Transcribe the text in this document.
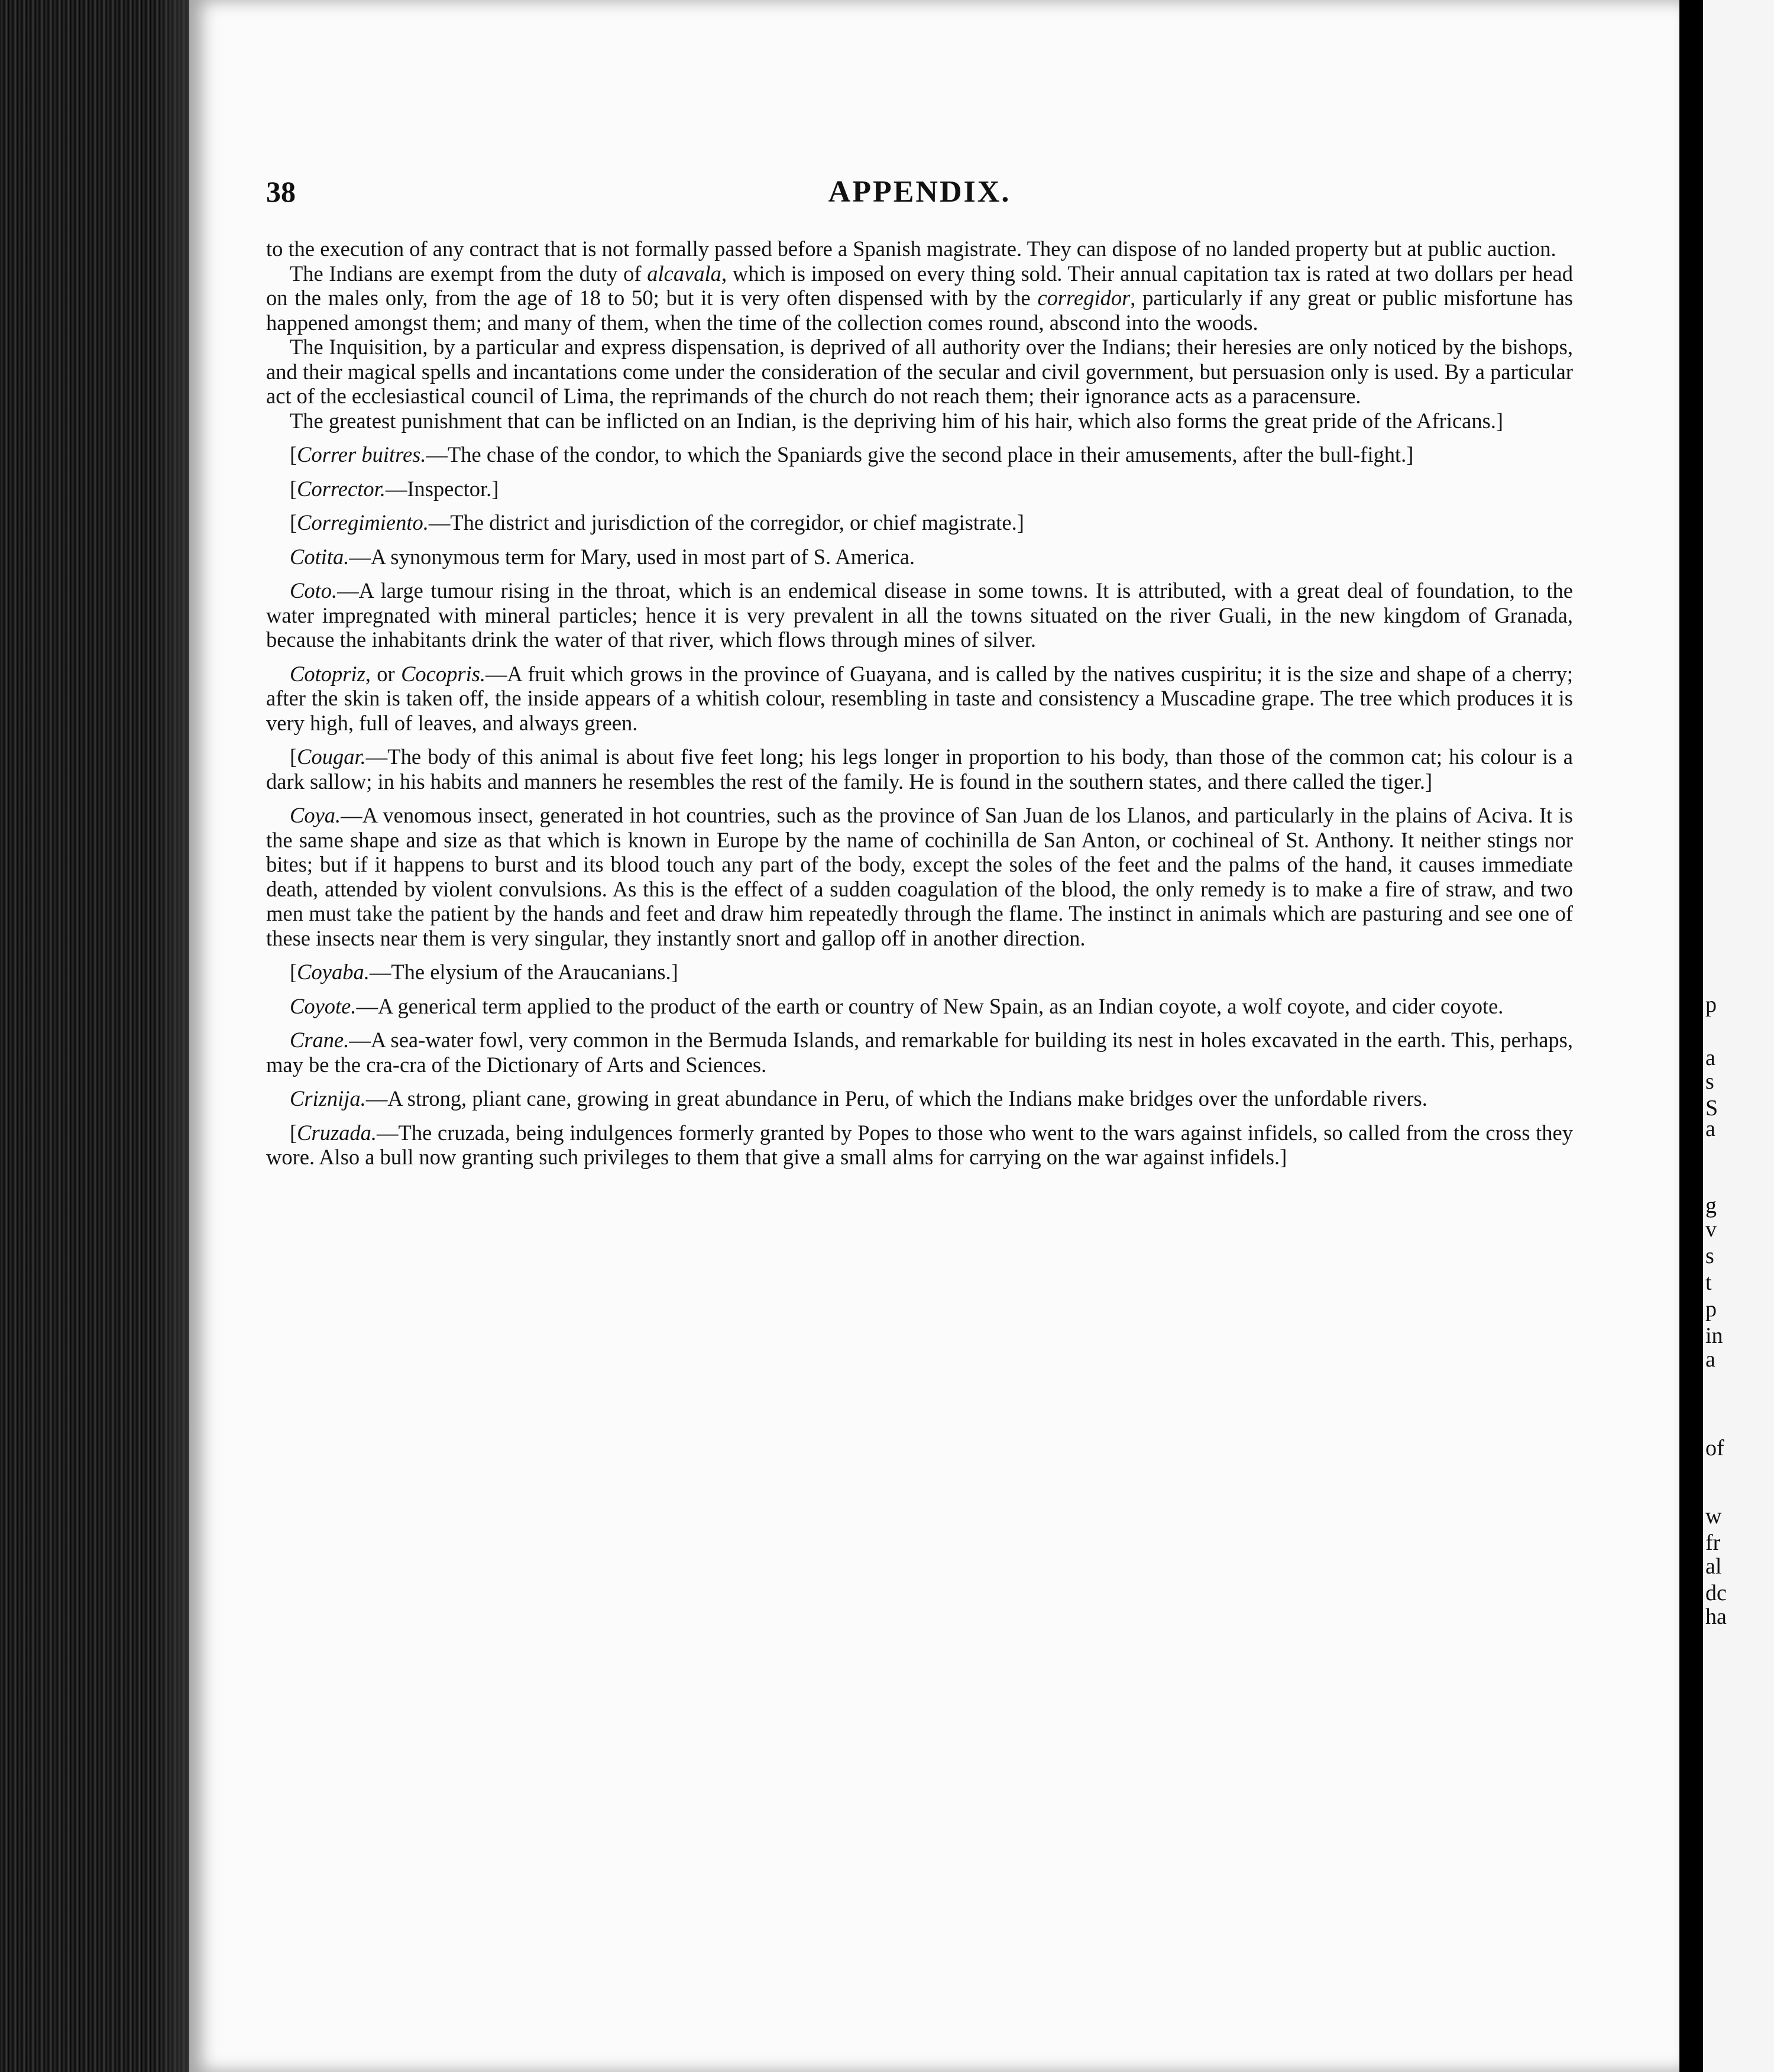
38	APPENDIX.

to the execution of any contract that is not formally passed before a Spanish magistrate. They can dispose of no landed property but at public auction.

The Indians are exempt from the duty of alcavala, which is imposed on every thing sold. Their annual capitation tax is rated at two dollars per head on the males only, from the age of 18 to 50; but it is very often dispensed with by the corregidor, particularly if any great or public misfortune has happened amongst them; and many of them, when the time of the collection comes round, abscond into the woods.

The Inquisition, by a particular and express dispensation, is deprived of all authority over the Indians; their heresies are only noticed by the bishops, and their magical spells and incantations come under the consideration of the secular and civil government, but persuasion only is used. By a particular act of the ecclesiastical council of Lima, the reprimands of the church do not reach them; their ignorance acts as a paracensure.

The greatest punishment that can be inflicted on an Indian, is the depriving him of his hair, which also forms the great pride of the Africans.]

[Correr buitres.—The chase of the condor, to which the Spaniards give the second place in their amusements, after the bull-fight.]

[Corrector.—Inspector.]

[Corregimiento.—The district and jurisdiction of the corregidor, or chief magistrate.]

Cotita.—A synonymous term for Mary, used in most part of S. America.

Coto.—A large tumour rising in the throat, which is an endemical disease in some towns. It is attributed, with a great deal of foundation, to the water impregnated with mineral particles; hence it is very prevalent in all the towns situated on the river Guali, in the new kingdom of Granada, because the inhabitants drink the water of that river, which flows through mines of silver.

Cotopriz, or Cocopris.—A fruit which grows in the province of Guayana, and is called by the natives cuspiritu; it is the size and shape of a cherry; after the skin is taken off, the inside appears of a whitish colour, resembling in taste and consistency a Muscadine grape. The tree which produces it is very high, full of leaves, and always green.

[Cougar.—The body of this animal is about five feet long; his legs longer in proportion to his body, than those of the common cat; his colour is a dark sallow; in his habits and manners he resembles the rest of the family. He is found in the southern states, and there called the tiger.]

Coya.—A venomous insect, generated in hot countries, such as the province of San Juan de los Llanos, and particularly in the plains of Aciva. It is the same shape and size as that which is known in Europe by the name of cochinilla de San Anton, or cochineal of St. Anthony. It neither stings nor bites; but if it happens to burst and its blood touch any part of the body, except the soles of the feet and the palms of the hand, it causes immediate death, attended by violent convulsions. As this is the effect of a sudden coagulation of the blood, the only remedy is to make a fire of straw, and two men must take the patient by the hands and feet and draw him repeatedly through the flame. The instinct in animals which are pasturing and see one of these insects near them is very singular, they instantly snort and gallop off in another direction.

[Coyaba.—The elysium of the Araucanians.]

Coyote.—A generical term applied to the product of the earth or country of New Spain, as an Indian coyote, a wolf coyote, and cider coyote.

Crane.—A sea-water fowl, very common in the Bermuda Islands, and remarkable for building its nest in holes excavated in the earth. This, perhaps, may be the cra-cra of the Dictionary of Arts and Sciences.

Criznija.—A strong, pliant cane, growing in great abundance in Peru, of which the Indians make bridges over the unfordable rivers.

[Cruzada.—The cruzada, being indulgences formerly granted by Popes to those who went to the wars against infidels, so called from the cross they wore. Also a bull now granting such privileges to them that give a small alms for carrying on the war against infidels.]

p
a
s
S
a
g
v
s
t
p
in
a
of
w
fr
al
dc
ha
